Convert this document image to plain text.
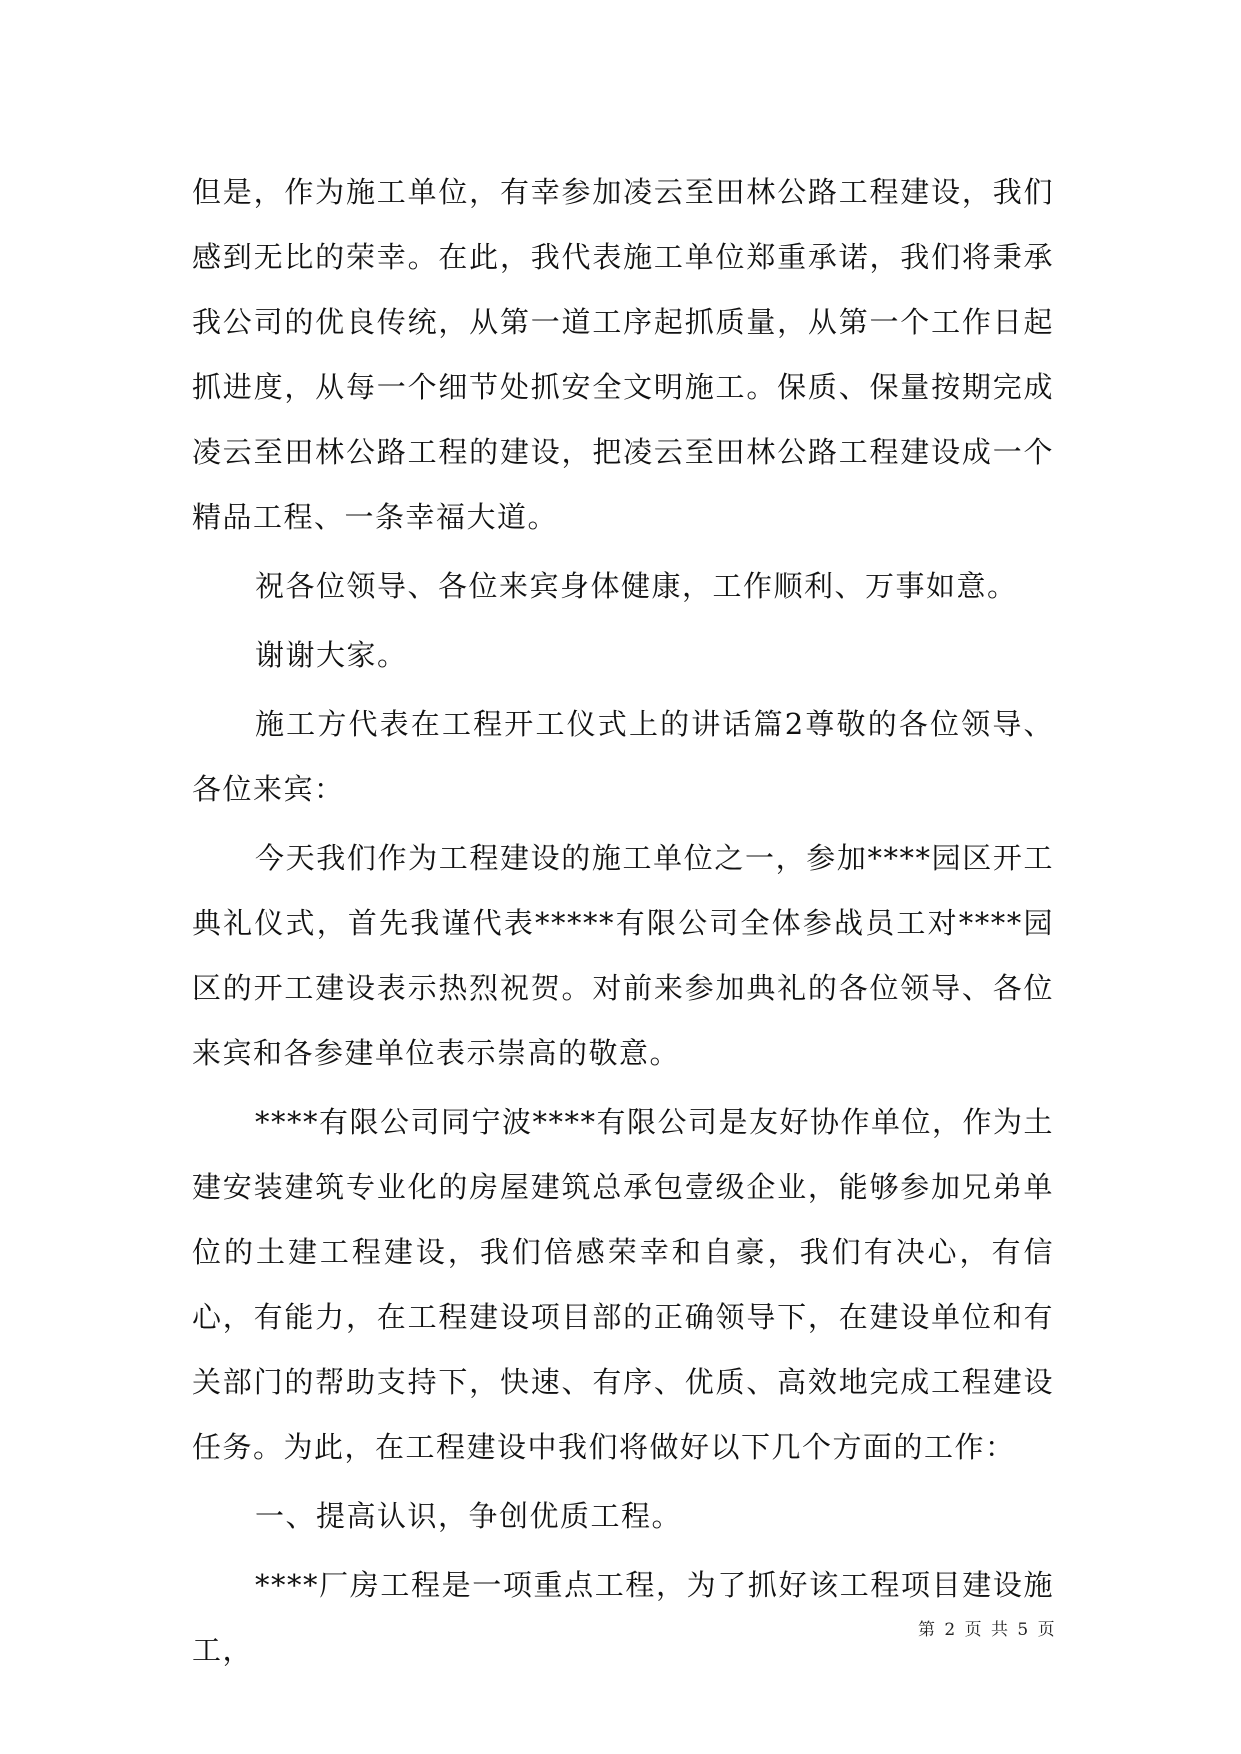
但是，作为施工单位，有幸参加凌云至田林公路工程建设，我们感到无比的荣幸。在此，我代表施工单位郑重承诺，我们将秉承我公司的优良传统，从第一道工序起抓质量，从第一个工作日起抓进度，从每一个细节处抓安全文明施工。保质、保量按期完成凌云至田林公路工程的建设，把凌云至田林公路工程建设成一个精品工程、一条幸福大道。

祝各位领导、各位来宾身体健康，工作顺利、万事如意。

谢谢大家。

施工方代表在工程开工仪式上的讲话篇2尊敬的各位领导、各位来宾：

今天我们作为工程建设的施工单位之一，参加****园区开工典礼仪式，首先我谨代表*****有限公司全体参战员工对****园区的开工建设表示热烈祝贺。对前来参加典礼的各位领导、各位来宾和各参建单位表示崇高的敬意。

****有限公司同宁波****有限公司是友好协作单位，作为土建安装建筑专业化的房屋建筑总承包壹级企业，能够参加兄弟单位的土建工程建设，我们倍感荣幸和自豪，我们有决心，有信心，有能力，在工程建设项目部的正确领导下，在建设单位和有关部门的帮助支持下，快速、有序、优质、高效地完成工程建设任务。为此，在工程建设中我们将做好以下几个方面的工作：

一、提高认识，争创优质工程。

****厂房工程是一项重点工程，为了抓好该工程项目建设施工，

第 2 页 共 5 页
